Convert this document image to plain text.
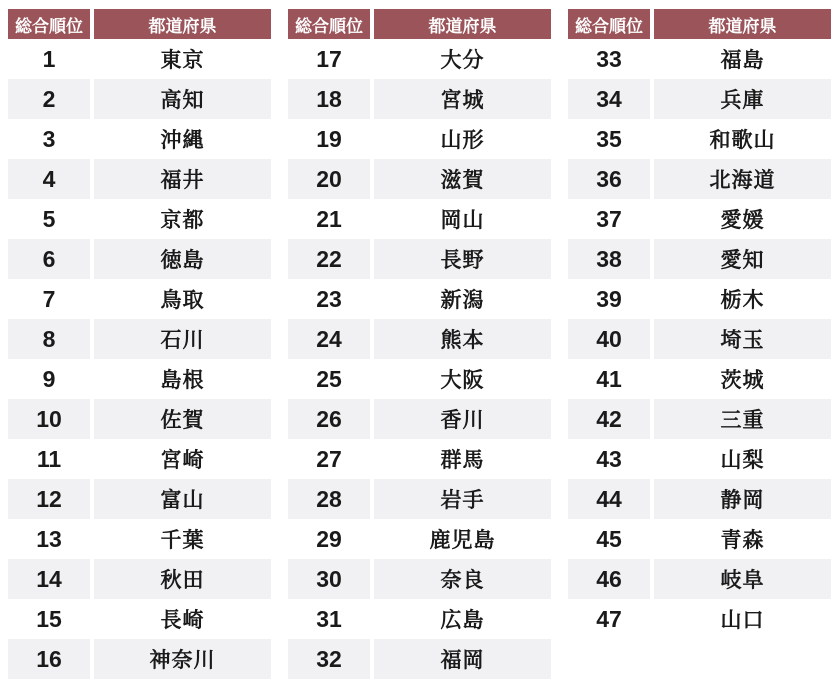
総合順位	都道府県
1	東京
2	高知
3	沖縄
4	福井
5	京都
6	徳島
7	鳥取
8	石川
9	島根
10	佐賀
11	宮崎
12	富山
13	千葉
14	秋田
15	長崎
16	神奈川
総合順位	都道府県
17	大分
18	宮城
19	山形
20	滋賀
21	岡山
22	長野
23	新潟
24	熊本
25	大阪
26	香川
27	群馬
28	岩手
29	鹿児島
30	奈良
31	広島
32	福岡
総合順位	都道府県
33	福島
34	兵庫
35	和歌山
36	北海道
37	愛媛
38	愛知
39	栃木
40	埼玉
41	茨城
42	三重
43	山梨
44	静岡
45	青森
46	岐阜
47	山口
